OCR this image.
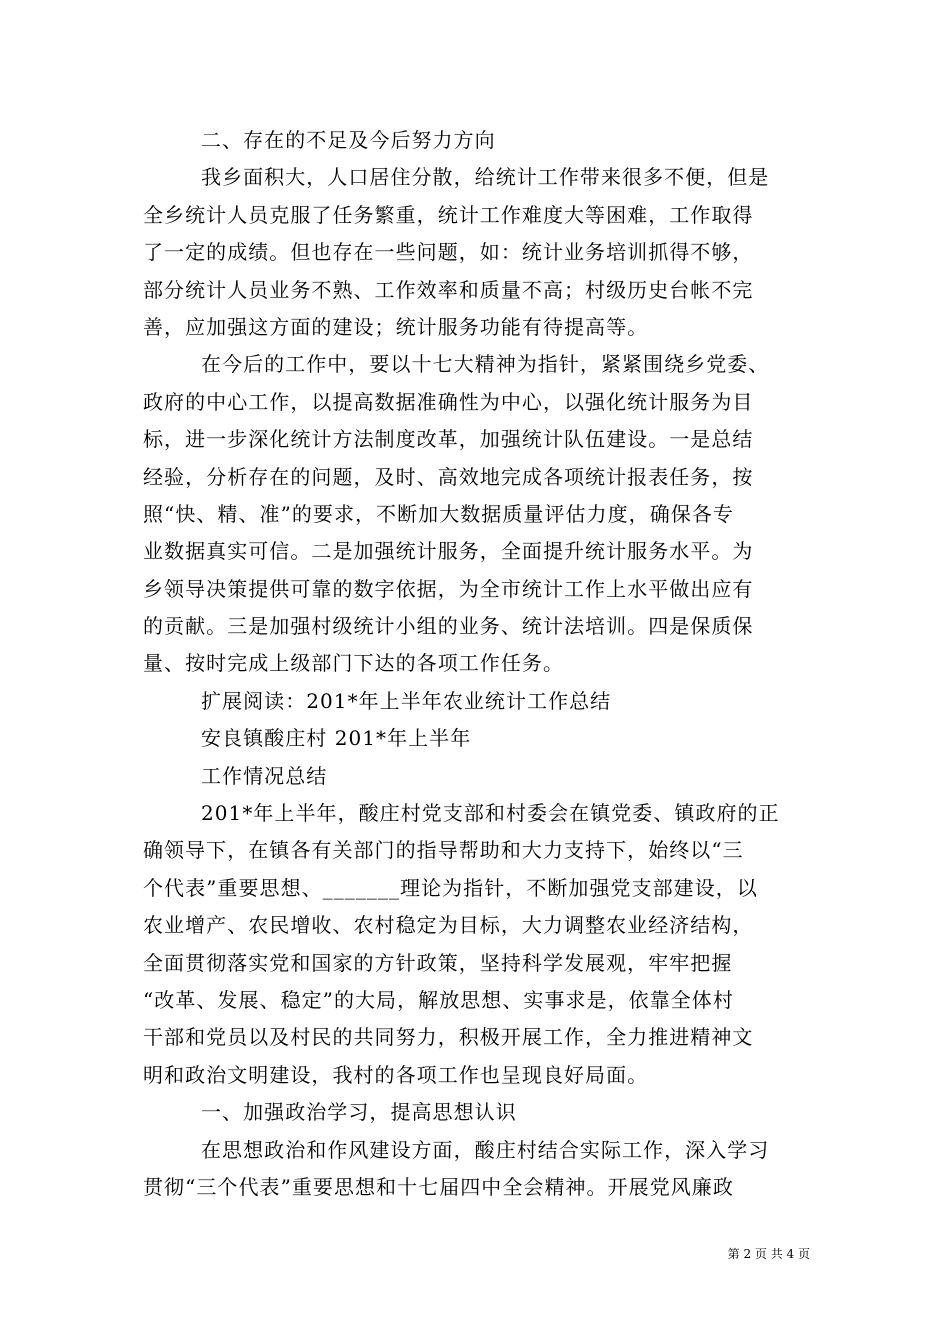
二、存在的不足及今后努力方向
我乡面积大，人口居住分散，给统计工作带来很多不便，但是
全乡统计人员克服了任务繁重，统计工作难度大等困难，工作取得
了一定的成绩。但也存在一些问题，如：统计业务培训抓得不够，
部分统计人员业务不熟、工作效率和质量不高；村级历史台帐不完
善，应加强这方面的建设；统计服务功能有待提高等。
在今后的工作中，要以十七大精神为指针，紧紧围绕乡党委、
政府的中心工作，以提高数据准确性为中心，以强化统计服务为目
标，进一步深化统计方法制度改革，加强统计队伍建设。一是总结
经验，分析存在的问题，及时、高效地完成各项统计报表任务，按
照“快、精、准”的要求，不断加大数据质量评估力度，确保各专
业数据真实可信。二是加强统计服务，全面提升统计服务水平。为
乡领导决策提供可靠的数字依据，为全市统计工作上水平做出应有
的贡献。三是加强村级统计小组的业务、统计法培训。四是保质保
量、按时完成上级部门下达的各项工作任务。
扩展阅读：201*年上半年农业统计工作总结
安良镇酸庄村 201*年上半年
工作情况总结
201*年上半年，酸庄村党支部和村委会在镇党委、镇政府的正
确领导下，在镇各有关部门的指导帮助和大力支持下，始终以“三
个代表”重要思想、_______理论为指针，不断加强党支部建设，以
农业增产、农民增收、农村稳定为目标，大力调整农业经济结构，
全面贯彻落实党和国家的方针政策，坚持科学发展观，牢牢把握
“改革、发展、稳定”的大局，解放思想、实事求是，依靠全体村
干部和党员以及村民的共同努力，积极开展工作，全力推进精神文
明和政治文明建设，我村的各项工作也呈现良好局面。
一、加强政治学习，提高思想认识
在思想政治和作风建设方面，酸庄村结合实际工作，深入学习
贯彻“三个代表”重要思想和十七届四中全会精神。开展党风廉政
第 2 页 共 4 页
